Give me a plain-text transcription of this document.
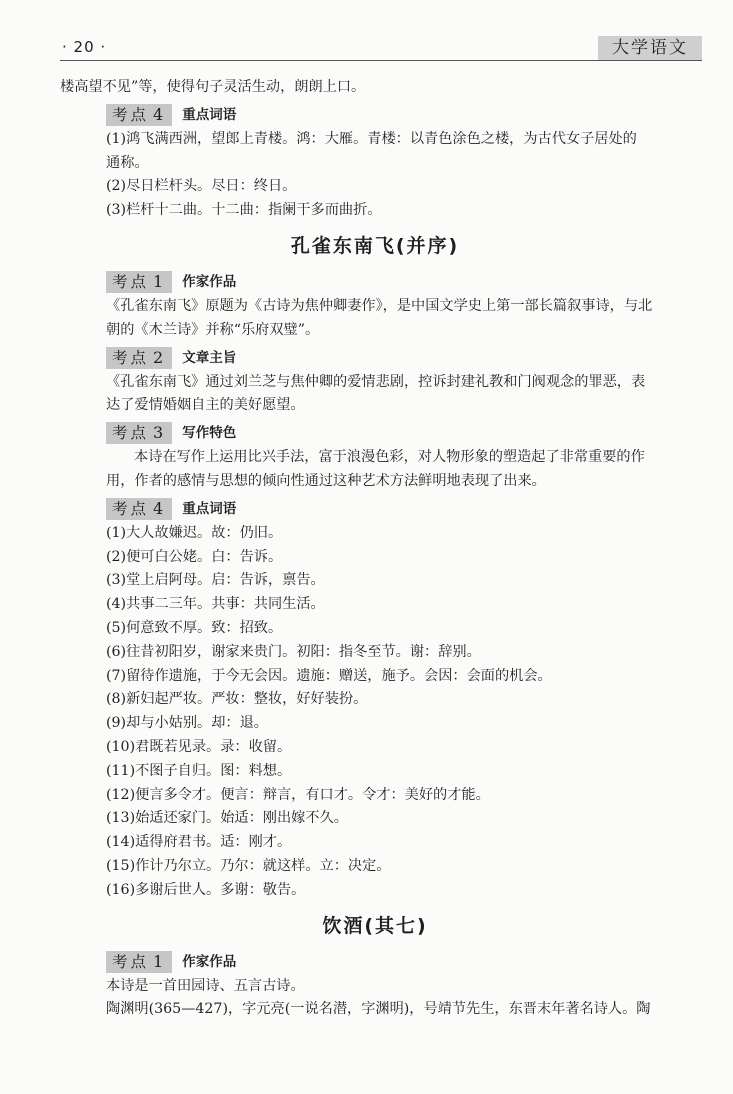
· 20 ·	大学语文

楼高望不见”等，使得句子灵活生动，朗朗上口。

考点 4	重点词语

(1)鸿飞满西洲，望郎上青楼。鸿：大雁。青楼：以青色涂色之楼，为古代女子居处的

通称。

(2)尽日栏杆头。尽日：终日。

(3)栏杆十二曲。十二曲：指阑干多而曲折。

孔雀东南飞(并序)
考点 1	作家作品

《孔雀东南飞》原题为《古诗为焦仲卿妻作》，是中国文学史上第一部长篇叙事诗，与北

朝的《木兰诗》并称“乐府双璧”。

考点 2	文章主旨

《孔雀东南飞》通过刘兰芝与焦仲卿的爱情悲剧，控诉封建礼教和门阀观念的罪恶，表

达了爱情婚姻自主的美好愿望。

考点 3	写作特色

本诗在写作上运用比兴手法，富于浪漫色彩，对人物形象的塑造起了非常重要的作

用，作者的感情与思想的倾向性通过这种艺术方法鲜明地表现了出来。

考点 4	重点词语

(1)大人故嫌迟。故：仍旧。

(2)便可白公姥。白：告诉。

(3)堂上启阿母。启：告诉，禀告。

(4)共事二三年。共事：共同生活。

(5)何意致不厚。致：招致。

(6)往昔初阳岁，谢家来贵门。初阳：指冬至节。谢：辞别。

(7)留待作遗施，于今无会因。遗施：赠送，施予。会因：会面的机会。

(8)新妇起严妆。严妆：整妆，好好装扮。

(9)却与小姑别。却：退。

(10)君既若见录。录：收留。

(11)不图子自归。图：料想。

(12)便言多令才。便言：辩言，有口才。令才：美好的才能。

(13)始适还家门。始适：刚出嫁不久。

(14)适得府君书。适：刚才。

(15)作计乃尔立。乃尔：就这样。立：决定。

(16)多谢后世人。多谢：敬告。

饮酒(其七)
考点 1	作家作品

本诗是一首田园诗、五言古诗。

陶渊明(365—427)，字元亮(一说名潜，字渊明)，号靖节先生，东晋末年著名诗人。陶
